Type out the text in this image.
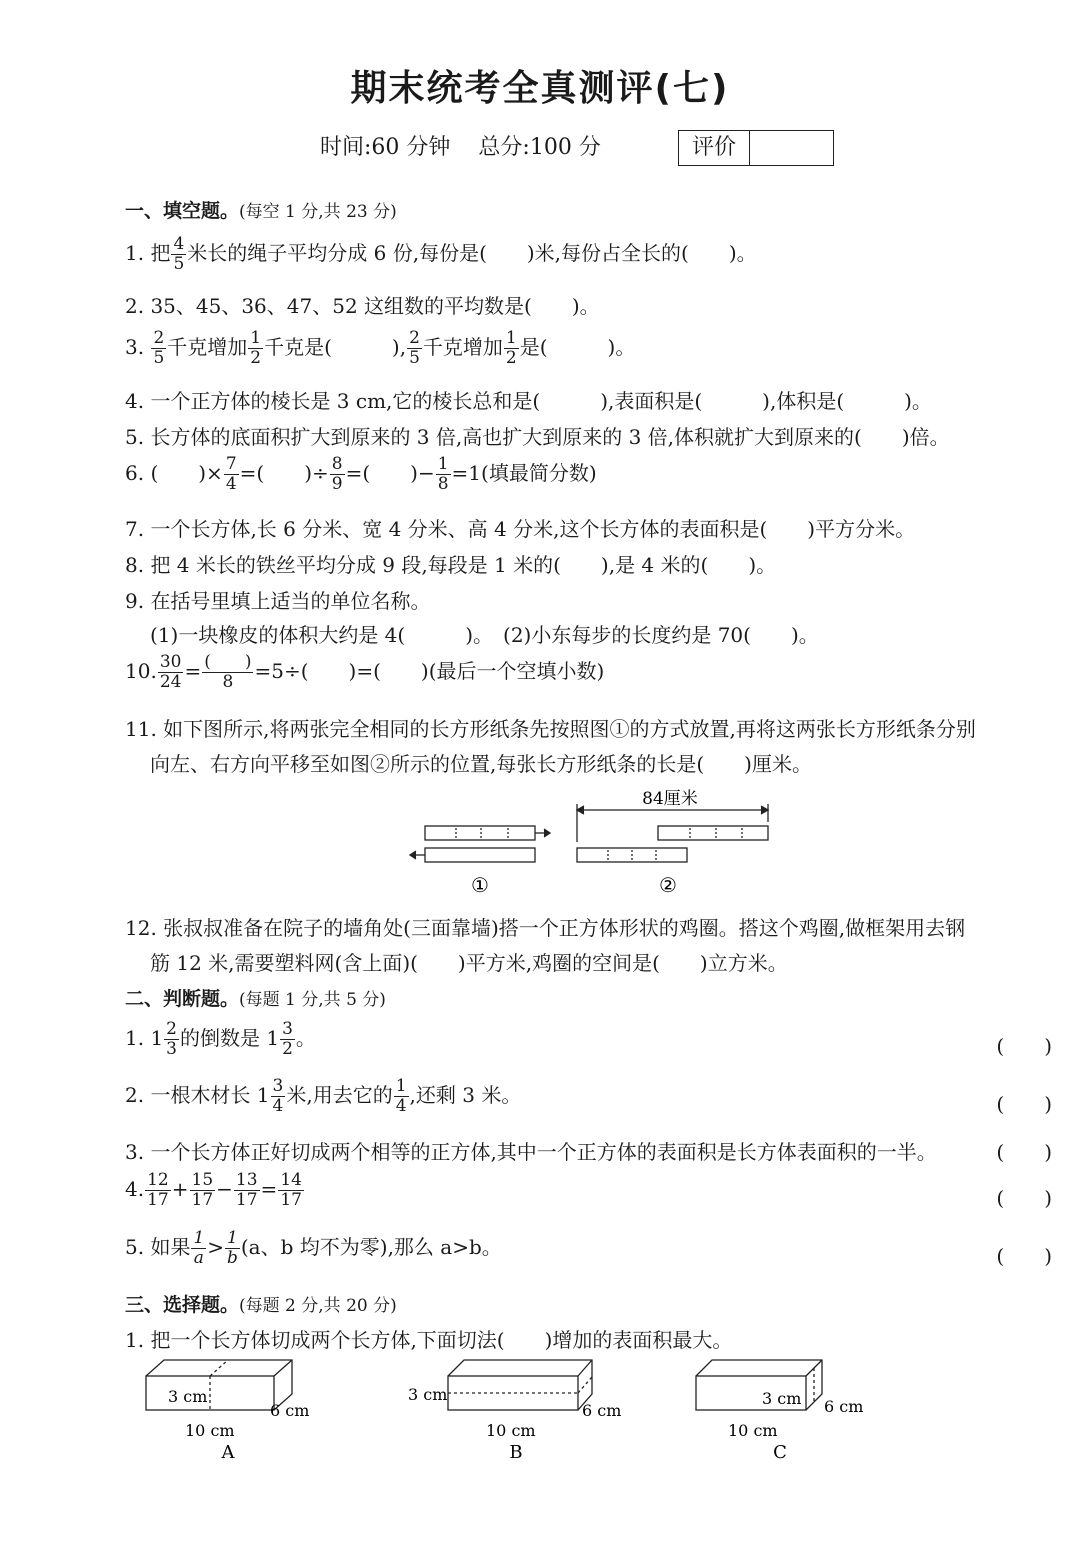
期末统考全真测评(七)
时间:60 分钟 总分:100 分	评价
一、填空题。(每空 1 分,共 23 分)
1. 把 $\frac{4}{5}$ 米长的绳子平均分成 6 份,每份是(　　)米,每份占全长的(　　)。
2. 35、45、36、47、52 这组数的平均数是(　　)。
3. $\frac{2}{5}$ 千克增加 $\frac{1}{2}$ 千克是(　　　), $\frac{2}{5}$ 千克增加 $\frac{1}{2}$ 是(　　　)。
4. 一个正方体的棱长是 3 cm,它的棱长总和是(　　　),表面积是(　　　),体积是(　　　)。
5. 长方体的底面积扩大到原来的 3 倍,高也扩大到原来的 3 倍,体积就扩大到原来的(　　)倍。
6. (　　)× $\frac{7}{4}$ =(　　)÷ $\frac{8}{9}$ =(　　)− $\frac{1}{8} =1$(填最简分数)
7. 一个长方体,长 6 分米、宽 4 分米、高 4 分米,这个长方体的表面积是(　　)平方分米。
8. 把 4 米长的铁丝平均分成 9 段,每段是 1 米的(　　),是 4 米的(　　)。
9. 在括号里填上适当的单位名称。
(1)一块橡皮的体积大约是 4(　　　)。　(2)小东每步的长度约是 70(　　)。
10. $\frac{30}{24} = \frac{( )}{8} =5\div$(　　)=(　　)(最后一个空填小数)
11. 如下图所示,将两张完全相同的长方形纸条先按照图①的方式放置,再将这两张长方形纸条分别
向左、右方向平移至如图②所示的位置,每张长方形纸条的长是(　　)厘米。
84厘米
①	②
12. 张叔叔准备在院子的墙角处(三面靠墙)搭一个正方体形状的鸡圈。搭这个鸡圈,做框架用去钢
筋 12 米,需要塑料网(含上面)(　　)平方米,鸡圈的空间是(　　)立方米。
二、判断题。(每题 1 分,共 5 分)
1. $1 \frac{2}{3}$ 的倒数是 $1 \frac{3}{2}$ 。	(　　)
2. 一根木材长 $1 \frac{3}{4}$ 米,用去它的 $\frac{1}{4}$ ,还剩 3 米。	(　　)
3. 一个长方体正好切成两个相等的正方体,其中一个正方体的表面积是长方体表面积的一半。	(　　)
4. $\frac{12}{17} + \frac{15}{17} - \frac{13}{17} = \frac{14}{17}$	(　　)
5. 如果 $\frac{1}{a} > \frac{1}{b} (a$、b 均不为零),那么 a>b。	(　　)
三、选择题。(每题 2 分,共 20 分)
1. 把一个长方体切成两个长方体,下面切法(　　)增加的表面积最大。
3 cm
6 cm
10 cm
A
3 cm
6 cm
10 cm
B
3 cm 6 cm
10 cm
C
